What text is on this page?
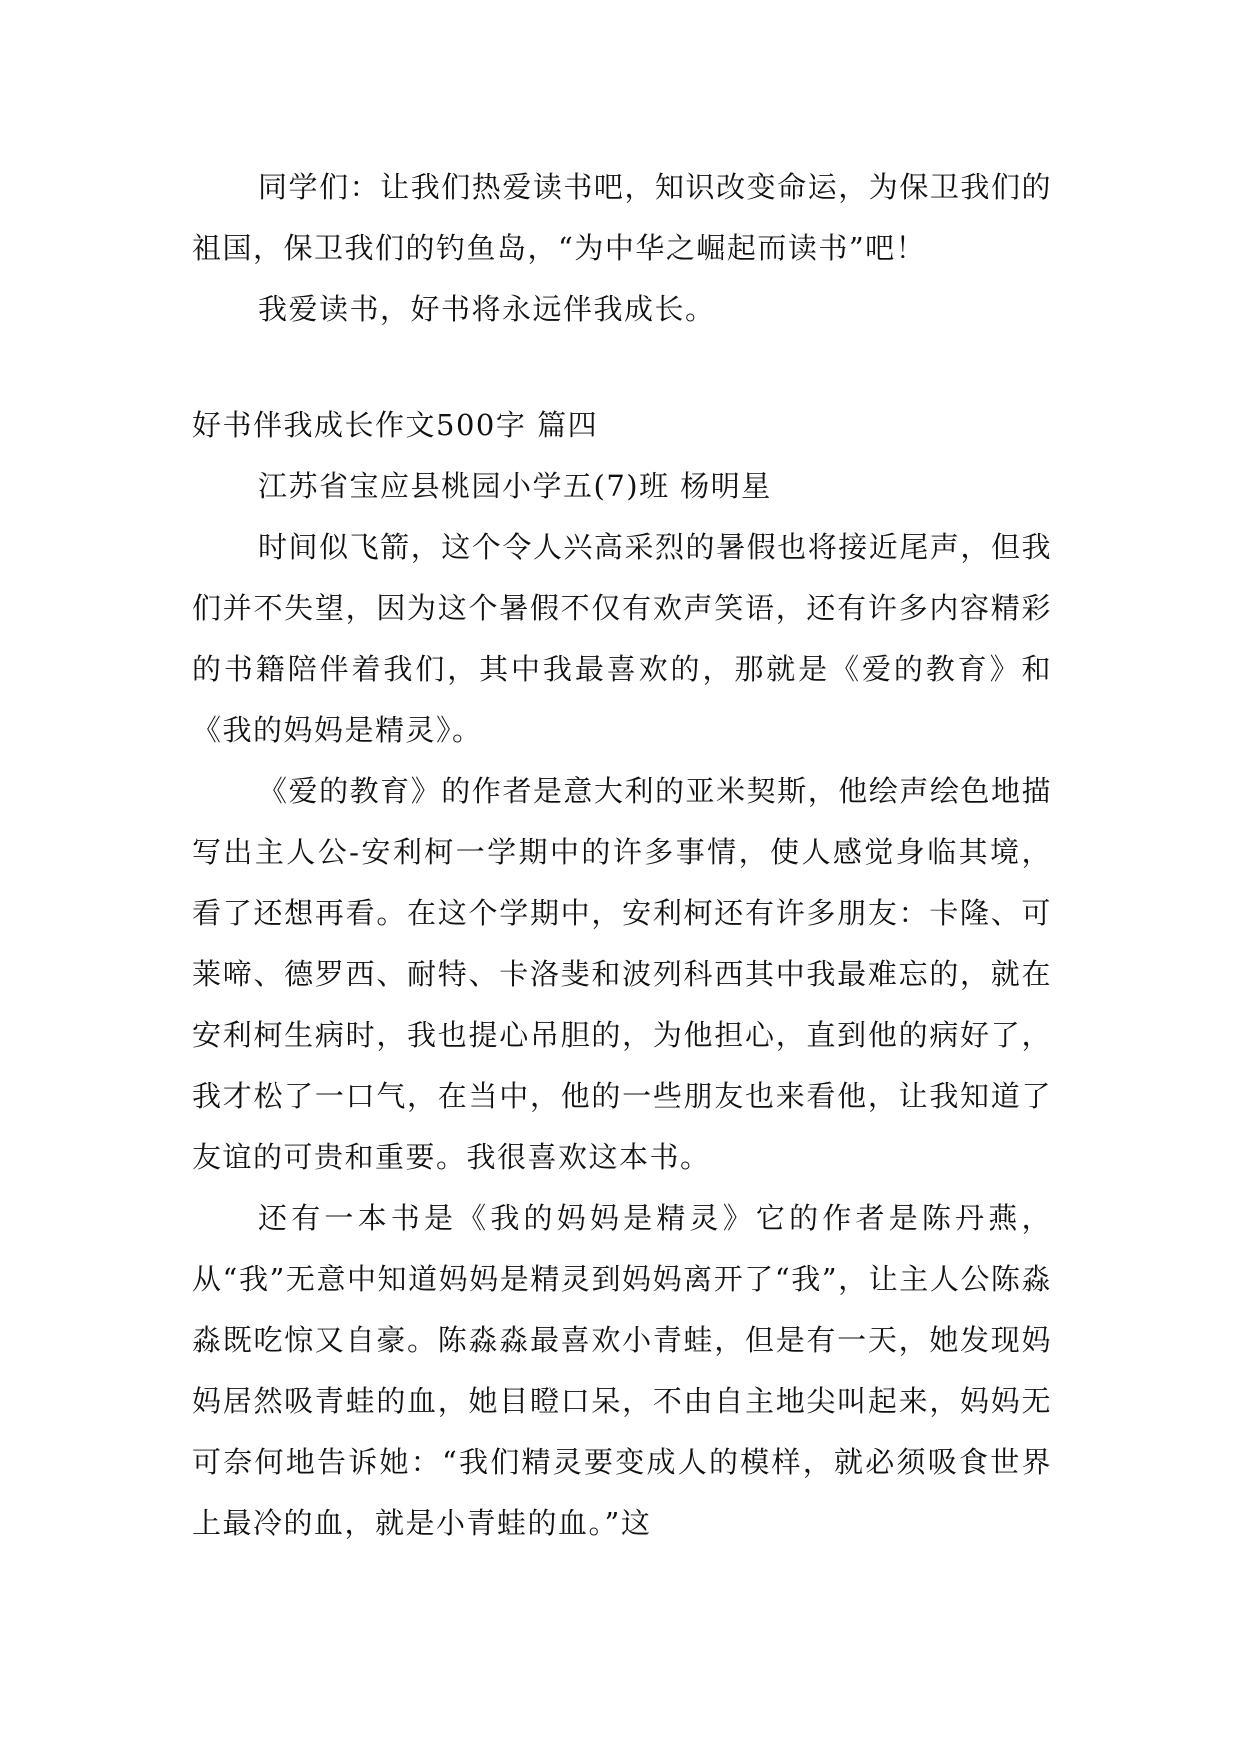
同学们：让我们热爱读书吧，知识改变命运，为保卫我们的祖国，保卫我们的钓鱼岛，“为中华之崛起而读书”吧！

我爱读书，好书将永远伴我成长。

好书伴我成长作文500字 篇四

江苏省宝应县桃园小学五(7)班 杨明星

时间似飞箭，这个令人兴高采烈的暑假也将接近尾声，但我们并不失望，因为这个暑假不仅有欢声笑语，还有许多内容精彩的书籍陪伴着我们，其中我最喜欢的，那就是《爱的教育》和《我的妈妈是精灵》。

《爱的教育》的作者是意大利的亚米契斯，他绘声绘色地描写出主人公-安利柯一学期中的许多事情，使人感觉身临其境，看了还想再看。在这个学期中，安利柯还有许多朋友：卡隆、可莱啼、德罗西、耐特、卡洛斐和波列科西其中我最难忘的，就在安利柯生病时，我也提心吊胆的，为他担心，直到他的病好了，我才松了一口气，在当中，他的一些朋友也来看他，让我知道了友谊的可贵和重要。我很喜欢这本书。

还有一本书是《我的妈妈是精灵》它的作者是陈丹燕，从“我”无意中知道妈妈是精灵到妈妈离开了“我”，让主人公陈淼淼既吃惊又自豪。陈淼淼最喜欢小青蛙，但是有一天，她发现妈妈居然吸青蛙的血，她目瞪口呆，不由自主地尖叫起来，妈妈无可奈何地告诉她：“我们精灵要变成人的模样，就必须吸食世界上最冷的血，就是小青蛙的血。”这
